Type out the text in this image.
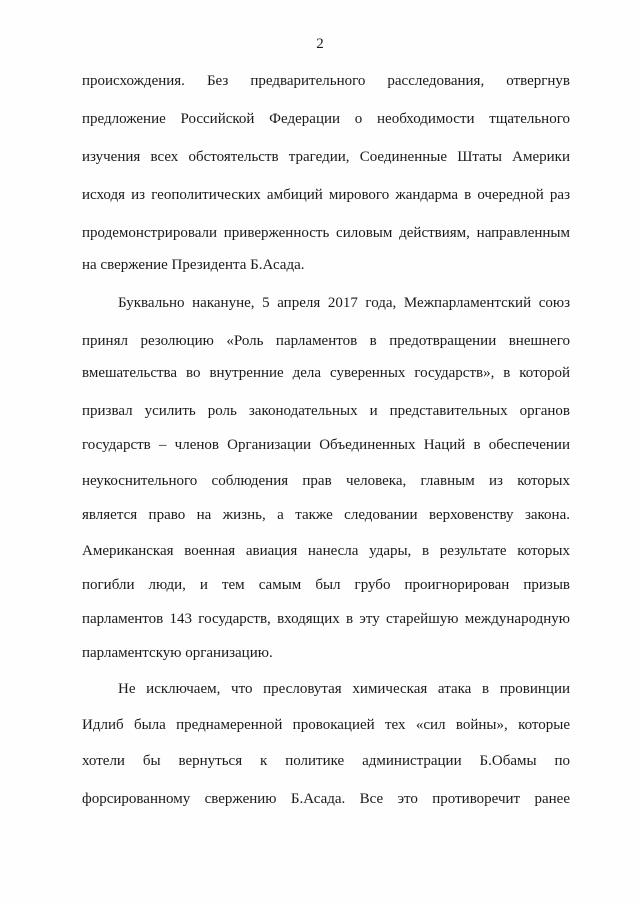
2
происхождения. Без предварительного расследования, отвергнув
предложение Российской Федерации о необходимости тщательного
изучения всех обстоятельств трагедии, Соединенные Штаты Америки
исходя из геополитических амбиций мирового жандарма в очередной раз
продемонстрировали приверженность силовым действиям, направленным
на свержение Президента Б.Асада.
Буквально накануне, 5 апреля 2017 года, Межпарламентский союз
принял резолюцию «Роль парламентов в предотвращении внешнего
вмешательства во внутренние дела суверенных государств», в которой
призвал усилить роль законодательных и представительных органов
государств – членов Организации Объединенных Наций в обеспечении
неукоснительного соблюдения прав человека, главным из которых
является право на жизнь, а также следовании верховенству закона.
Американская военная авиация нанесла удары, в результате которых
погибли люди, и тем самым был грубо проигнорирован призыв
парламентов 143 государств, входящих в эту старейшую международную
парламентскую организацию.
Не исключаем, что пресловутая химическая атака в провинции
Идлиб была преднамеренной провокацией тех «сил войны», которые
хотели бы вернуться к политике администрации Б.Обамы по
форсированному свержению Б.Асада. Все это противоречит ранее
